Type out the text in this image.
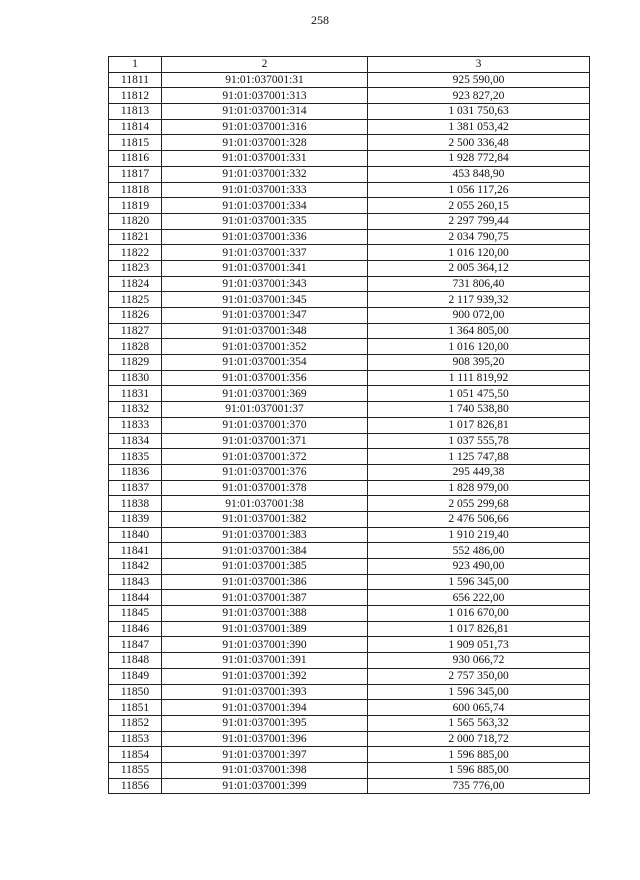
258
1	2	3
11811	91:01:037001:31	925 590,00
11812	91:01:037001:313	923 827,20
11813	91:01:037001:314	1 031 750,63
11814	91:01:037001:316	1 381 053,42
11815	91:01:037001:328	2 500 336,48
11816	91:01:037001:331	1 928 772,84
11817	91:01:037001:332	453 848,90
11818	91:01:037001:333	1 056 117,26
11819	91:01:037001:334	2 055 260,15
11820	91:01:037001:335	2 297 799,44
11821	91:01:037001:336	2 034 790,75
11822	91:01:037001:337	1 016 120,00
11823	91:01:037001:341	2 005 364,12
11824	91:01:037001:343	731 806,40
11825	91:01:037001:345	2 117 939,32
11826	91:01:037001:347	900 072,00
11827	91:01:037001:348	1 364 805,00
11828	91:01:037001:352	1 016 120,00
11829	91:01:037001:354	908 395,20
11830	91:01:037001:356	1 111 819,92
11831	91:01:037001:369	1 051 475,50
11832	91:01:037001:37	1 740 538,80
11833	91:01:037001:370	1 017 826,81
11834	91:01:037001:371	1 037 555,78
11835	91:01:037001:372	1 125 747,88
11836	91:01:037001:376	295 449,38
11837	91:01:037001:378	1 828 979,00
11838	91:01:037001:38	2 055 299,68
11839	91:01:037001:382	2 476 506,66
11840	91:01:037001:383	1 910 219,40
11841	91:01:037001:384	552 486,00
11842	91:01:037001:385	923 490,00
11843	91:01:037001:386	1 596 345,00
11844	91:01:037001:387	656 222,00
11845	91:01:037001:388	1 016 670,00
11846	91:01:037001:389	1 017 826,81
11847	91:01:037001:390	1 909 051,73
11848	91:01:037001:391	930 066,72
11849	91:01:037001:392	2 757 350,00
11850	91:01:037001:393	1 596 345,00
11851	91:01:037001:394	600 065,74
11852	91:01:037001:395	1 565 563,32
11853	91:01:037001:396	2 000 718,72
11854	91:01:037001:397	1 596 885,00
11855	91:01:037001:398	1 596 885,00
11856	91:01:037001:399	735 776,00
